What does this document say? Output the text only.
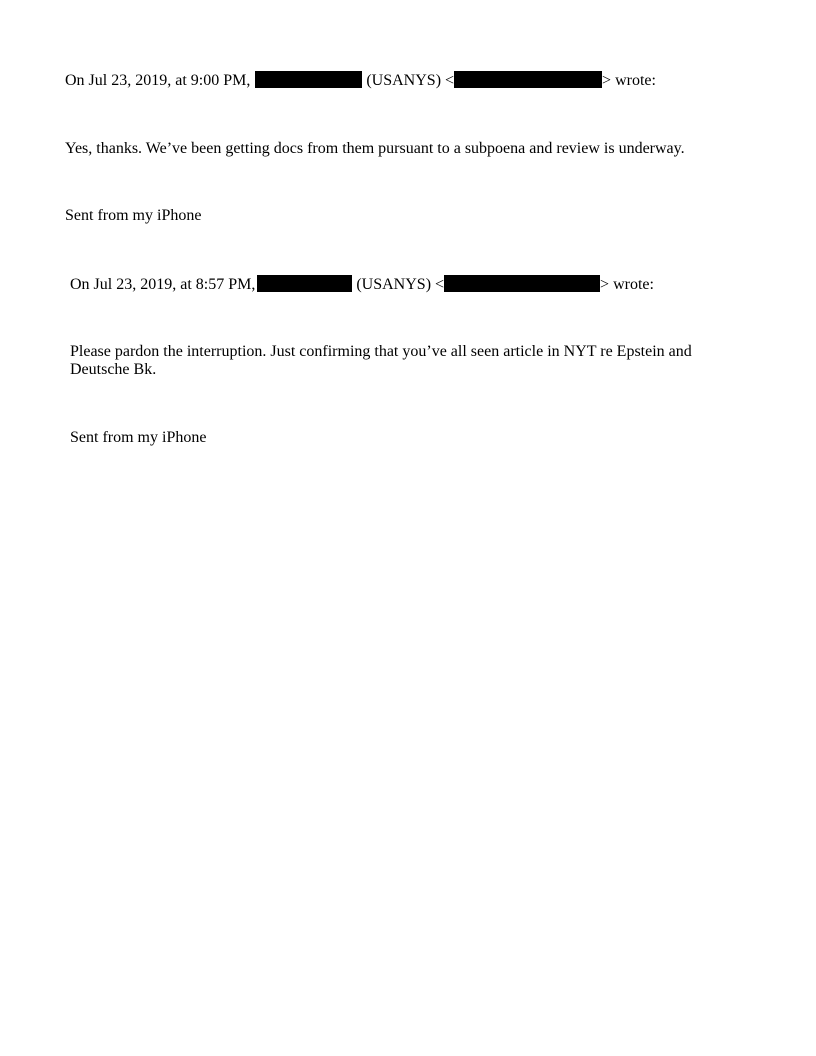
On Jul 23, 2019, at 9:00 PM,	(USANYS) <	> wrote:
Yes, thanks. We’ve been getting docs from them pursuant to a subpoena and review is underway.
Sent from my iPhone
On Jul 23, 2019, at 8:57 PM,	(USANYS) <	> wrote:
Please pardon the interruption. Just confirming that you’ve all seen article in NYT re Epstein and Deutsche Bk.
Sent from my iPhone
